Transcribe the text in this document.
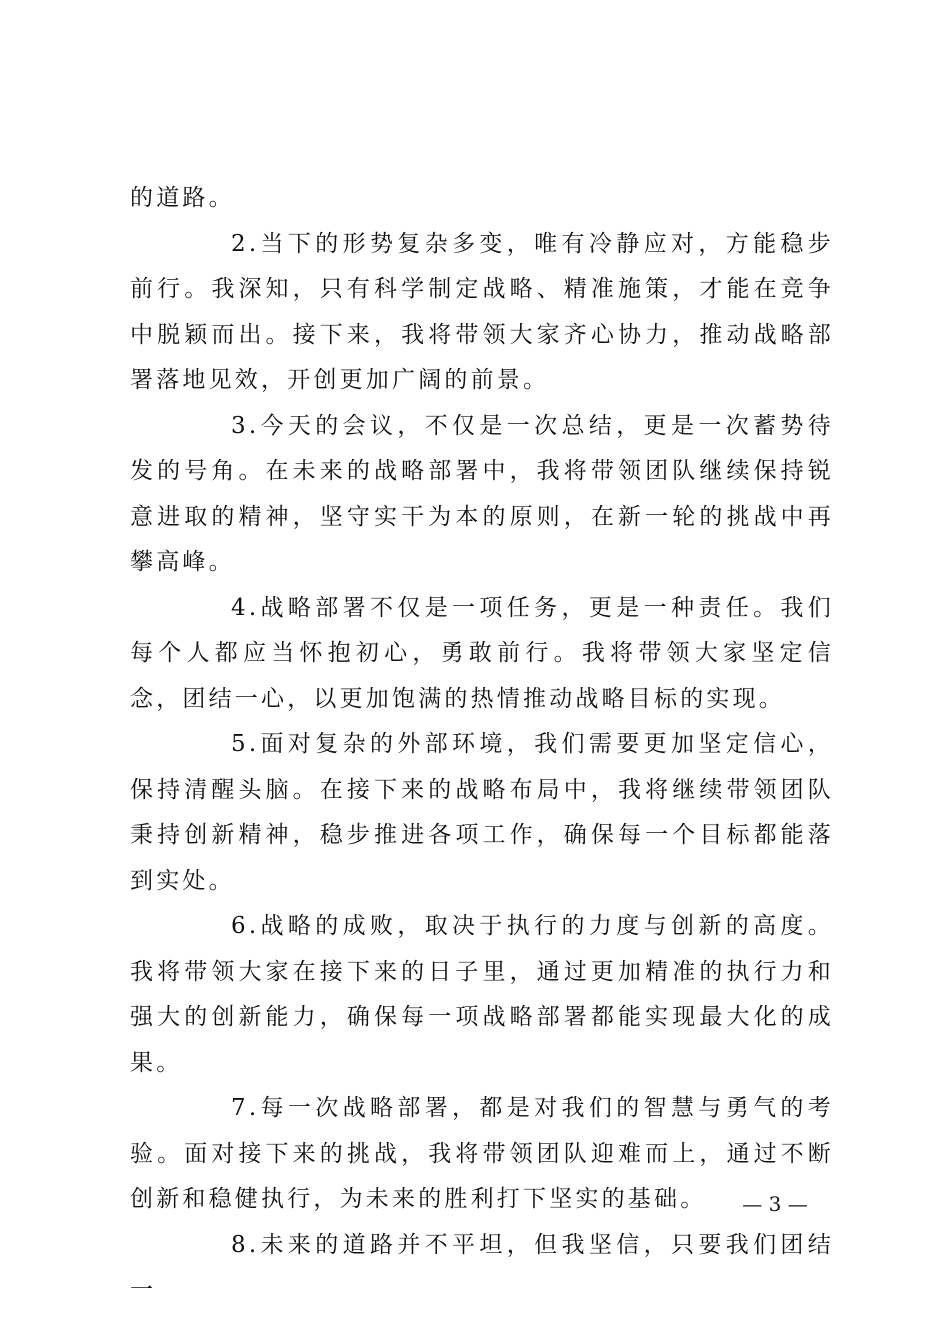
的道路。

2.当下的形势复杂多变，唯有冷静应对，方能稳步前行。我深知，只有科学制定战略、精准施策，才能在竞争中脱颖而出。接下来，我将带领大家齐心协力，推动战略部署落地见效，开创更加广阔的前景。

3.今天的会议，不仅是一次总结，更是一次蓄势待发的号角。在未来的战略部署中，我将带领团队继续保持锐意进取的精神，坚守实干为本的原则，在新一轮的挑战中再攀高峰。

4.战略部署不仅是一项任务，更是一种责任。我们每个人都应当怀抱初心，勇敢前行。我将带领大家坚定信念，团结一心，以更加饱满的热情推动战略目标的实现。

5.面对复杂的外部环境，我们需要更加坚定信心，保持清醒头脑。在接下来的战略布局中，我将继续带领团队秉持创新精神，稳步推进各项工作，确保每一个目标都能落到实处。

6.战略的成败，取决于执行的力度与创新的高度。我将带领大家在接下来的日子里，通过更加精准的执行力和强大的创新能力，确保每一项战略部署都能实现最大化的成果。

7.每一次战略部署，都是对我们的智慧与勇气的考验。面对接下来的挑战，我将带领团队迎难而上，通过不断创新和稳健执行，为未来的胜利打下坚实的基础。

8.未来的道路并不平坦，但我坚信，只要我们团结一

— 3 —
